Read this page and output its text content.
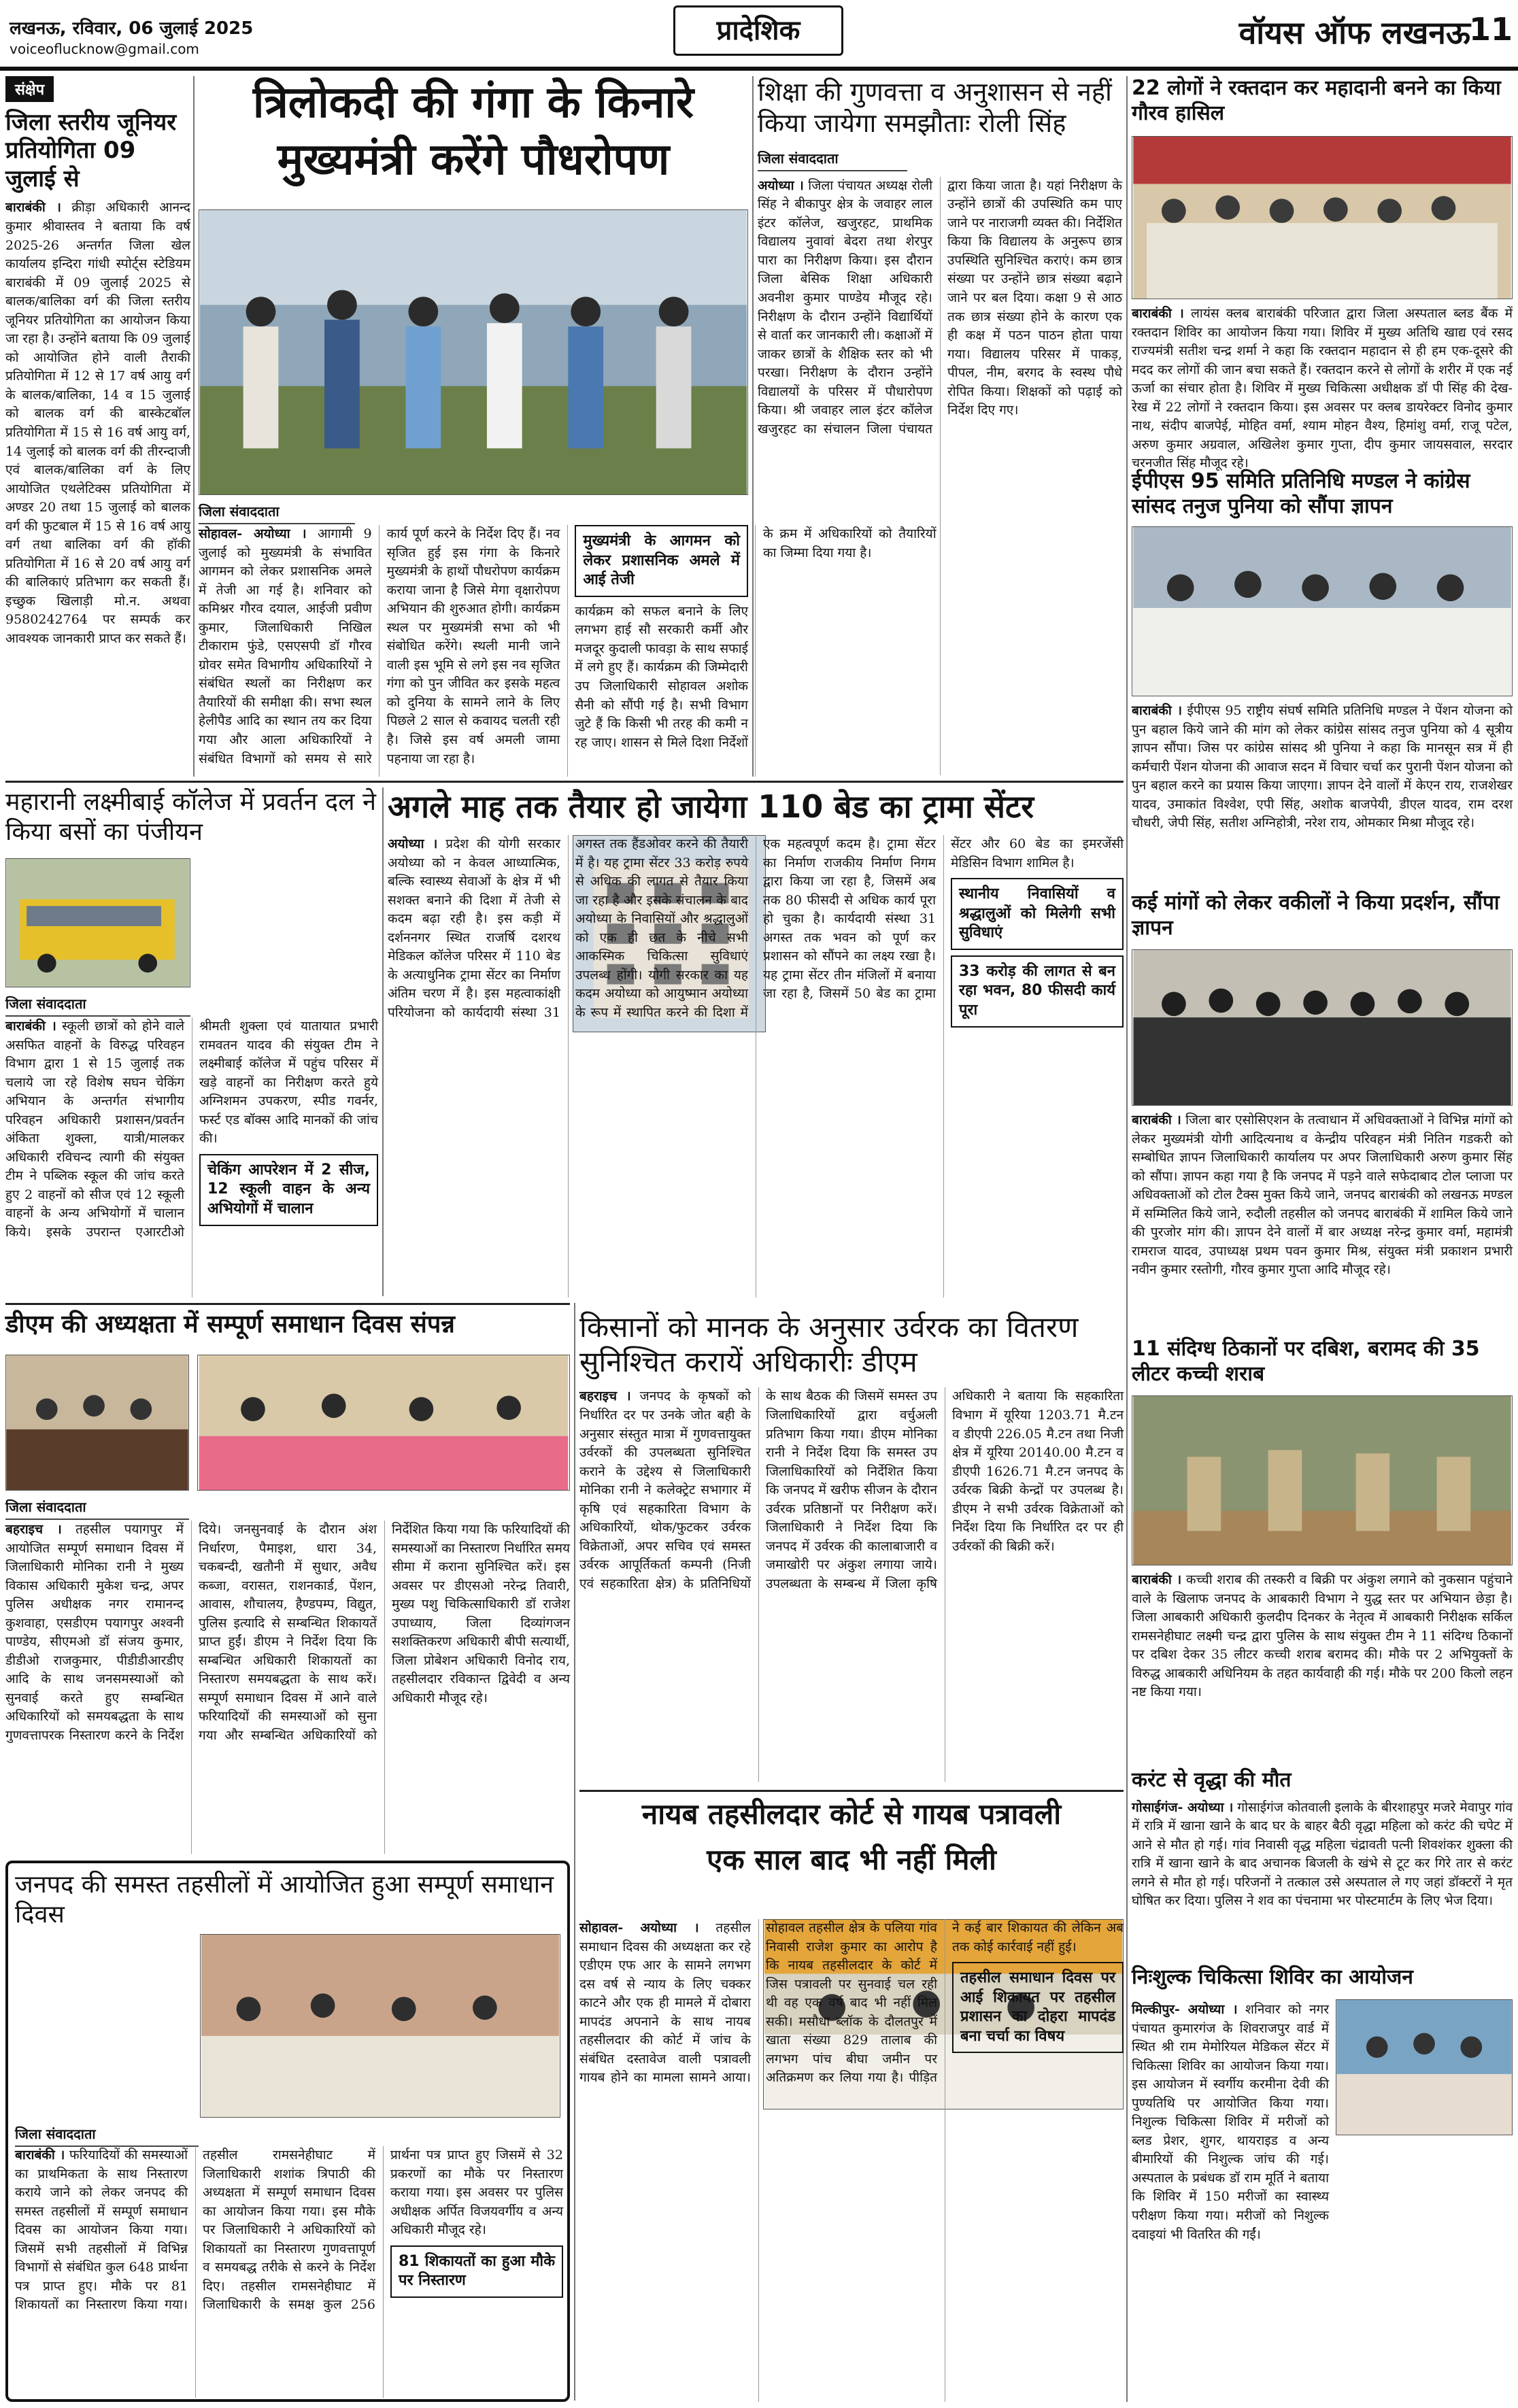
लखनऊ, रविवार, 06 जुलाई 2025
voiceoflucknow@gmail.com
प्रादेशिक	वॉयस ऑफ लखनऊ
11
संक्षेप
जिला स्तरीय जूनियर प्रतियोगिता 09 जुलाई से
बाराबंकी । क्रीड़ा अधिकारी आनन्द कुमार श्रीवास्तव ने बताया कि वर्ष 2025-26 अन्तर्गत जिला खेल कार्यालय इन्दिरा गांधी स्पोर्ट्स स्टेडियम बाराबंकी में 09 जुलाई 2025 से बालक/बालिका वर्ग की जिला स्तरीय जूनियर प्रतियोगिता का आयोजन किया जा रहा है। उन्होंने बताया कि 09 जुलाई को आयोजित होने वाली तैराकी प्रतियोगिता में 12 से 17 वर्ष आयु वर्ग के बालक/बालिका, 14 व 15 जुलाई को बालक वर्ग की बास्केटबॉल प्रतियोगिता में 15 से 16 वर्ष आयु वर्ग, 14 जुलाई को बालक वर्ग की तीरन्दाजी एवं बालक/बालिका वर्ग के लिए आयोजित एथलेटिक्स प्रतियोगिता में अण्डर 20 तथा 15 जुलाई को बालक वर्ग की फुटबाल में 15 से 16 वर्ष आयु वर्ग तथा बालिका वर्ग की हॉकी प्रतियोगिता में 16 से 20 वर्ष आयु वर्ग की बालिकाएं प्रतिभाग कर सकती हैं। इच्छुक खिलाड़ी मो.न. अथवा 9580242764 पर सम्पर्क कर आवश्यक जानकारी प्राप्त कर सकते हैं।
त्रिलोकदी की गंगा के किनारे
मुख्यमंत्री करेंगे पौधरोपण
जिला संवाददाता
सोहावल- अयोध्या । आगामी 9 जुलाई को मुख्यमंत्री के संभावित आगमन को लेकर प्रशासनिक अमले में तेजी आ गई है। शनिवार को कमिश्नर गौरव दयाल, आईजी प्रवीण कुमार, जिलाधिकारी निखिल टीकाराम फुंडे, एसएसपी डॉ गौरव ग्रोवर समेत विभागीय अधिकारियों ने संबंधित स्थलों का निरीक्षण कर तैयारियों की समीक्षा की। सभा स्थल हेलीपैड आदि का स्थान तय कर दिया गया और आला अधिकारियों ने संबंधित विभागों को समय से सारे कार्य पूर्ण करने के निर्देश दिए हैं। नव सृजित हुई इस गंगा के किनारे मुख्यमंत्री के हाथों पौधरोपण कार्यक्रम कराया जाना है जिसे मेगा वृक्षारोपण अभियान की शुरुआत होगी। कार्यक्रम स्थल पर मुख्यमंत्री सभा को भी संबोधित करेंगे। स्थली मानी जाने वाली इस भूमि से लगे इस नव सृजित गंगा को पुन जीवित कर इसके महत्व को दुनिया के सामने लाने के लिए पिछले 2 साल से कवायद चलती रही है। जिसे इस वर्ष अमली जामा पहनाया जा रहा है।
मुख्यमंत्री के आगमन को लेकर प्रशासनिक अमले में आई तेजी
कार्यक्रम को सफल बनाने के लिए लगभग हाई सौ सरकारी कर्मी और मजदूर कुदाली फावड़ा के साथ सफाई में लगे हुए हैं। कार्यक्रम की जिम्मेदारी उप जिलाधिकारी सोहावल अशोक सैनी को सौंपी गई है। सभी विभाग जुटे हैं कि किसी भी तरह की कमी न रह जाए। शासन से मिले दिशा निर्देशों के क्रम में अधिकारियों को तैयारियों का जिम्मा दिया गया है।
शिक्षा की गुणवत्ता व अनुशासन से नहीं किया जायेगा समझौताः रोली सिंह
जिला संवाददाता
अयोध्या । जिला पंचायत अध्यक्ष रोली सिंह ने बीकापुर क्षेत्र के जवाहर लाल इंटर कॉलेज, खजुरहट, प्राथमिक विद्यालय नुवावां बेदरा तथा शेरपुर पारा का निरीक्षण किया। इस दौरान जिला बेसिक शिक्षा अधिकारी अवनीश कुमार पाण्डेय मौजूद रहे। निरीक्षण के दौरान उन्होंने विद्यार्थियों से वार्ता कर जानकारी ली। कक्षाओं में जाकर छात्रों के शैक्षिक स्तर को भी परखा। निरीक्षण के दौरान उन्होंने विद्यालयों के परिसर में पौधारोपण किया। श्री जवाहर लाल इंटर कॉलेज खजुरहट का संचालन जिला पंचायत द्वारा किया जाता है। यहां निरीक्षण के उन्होंने छात्रों की उपस्थिति कम पाए जाने पर नाराजगी व्यक्त की। निर्देशित किया कि विद्यालय के अनुरूप छात्र उपस्थिति सुनिश्चित कराएं। कम छात्र संख्या पर उन्होंने छात्र संख्या बढ़ाने जाने पर बल दिया। कक्षा 9 से आठ तक छात्र संख्या होने के कारण एक ही कक्ष में पठन पाठन होता पाया गया। विद्यालय परिसर में पाकड़, पीपल, नीम, बरगद के स्वस्थ पौधे रोपित किया। शिक्षकों को पढ़ाई को निर्देश दिए गए।
22 लोगों ने रक्तदान कर महादानी बनने का किया गौरव हासिल
बाराबंकी । लायंस क्लब बाराबंकी परिजात द्वारा जिला अस्पताल ब्लड बैंक में रक्तदान शिविर का आयोजन किया गया। शिविर में मुख्य अतिथि खाद्य एवं रसद राज्यमंत्री सतीश चन्द्र शर्मा ने कहा कि रक्तदान महादान से ही हम एक-दूसरे की मदद कर लोगों की जान बचा सकते हैं। रक्तदान करने से लोगों के शरीर में एक नई ऊर्जा का संचार होता है। शिविर में मुख्य चिकित्सा अधीक्षक डॉ पी सिंह की देख-रेख में 22 लोगों ने रक्तदान किया। इस अवसर पर क्लब डायरेक्टर विनोद कुमार नाथ, संदीप बाजपेई, मोहित वर्मा, श्याम मोहन वैश्य, हिमांशु वर्मा, राजू पटेल, अरुण कुमार अग्रवाल, अखिलेश कुमार गुप्ता, दीप कुमार जायसवाल, सरदार चरनजीत सिंह मौजूद रहे।
ईपीएस 95 समिति प्रतिनिधि मण्डल ने कांग्रेस सांसद तनुज पुनिया को सौंपा ज्ञापन
बाराबंकी । ईपीएस 95 राष्ट्रीय संघर्ष समिति प्रतिनिधि मण्डल ने पेंशन योजना को पुन बहाल किये जाने की मांग को लेकर कांग्रेस सांसद तनुज पुनिया को 4 सूत्रीय ज्ञापन सौंपा। जिस पर कांग्रेस सांसद श्री पुनिया ने कहा कि मानसून सत्र में ही कर्मचारी पेंशन योजना की आवाज सदन में विचार चर्चा कर पुरानी पेंशन योजना को पुन बहाल करने का प्रयास किया जाएगा। ज्ञापन देने वालों में केएन राय, राजशेखर यादव, उमाकांत विश्वेश, एपी सिंह, अशोक बाजपेयी, डीएल यादव, राम दरश चौधरी, जेपी सिंह, सतीश अग्निहोत्री, नरेश राय, ओमकार मिश्रा मौजूद रहे।
कई मांगों को लेकर वकीलों ने किया प्रदर्शन, सौंपा ज्ञापन
बाराबंकी । जिला बार एसोसिएशन के तत्वाधान में अधिवक्ताओं ने विभिन्न मांगों को लेकर मुख्यमंत्री योगी आदित्यनाथ व केन्द्रीय परिवहन मंत्री नितिन गडकरी को सम्बोधित ज्ञापन जिलाधिकारी कार्यालय पर अपर जिलाधिकारी अरुण कुमार सिंह को सौंपा। ज्ञापन कहा गया है कि जनपद में पड़ने वाले सफेदाबाद टोल प्लाजा पर अधिवक्ताओं को टोल टैक्स मुक्त किये जाने, जनपद बाराबंकी को लखनऊ मण्डल में सम्मिलित किये जाने, रुदौली तहसील को जनपद बाराबंकी में शामिल किये जाने की पुरजोर मांग की। ज्ञापन देने वालों में बार अध्यक्ष नरेन्द्र कुमार वर्मा, महामंत्री रामराज यादव, उपाध्यक्ष प्रथम पवन कुमार मिश्र, संयुक्त मंत्री प्रकाशन प्रभारी नवीन कुमार रस्तोगी, गौरव कुमार गुप्ता आदि मौजूद रहे।
11 संदिग्ध ठिकानों पर दबिश, बरामद की 35 लीटर कच्ची शराब
बाराबंकी । कच्ची शराब की तस्करी व बिक्री पर अंकुश लगाने को नुकसान पहुंचाने वाले के खिलाफ जनपद के आबकारी विभाग ने युद्ध स्तर पर अभियान छेड़ा है। जिला आबकारी अधिकारी कुलदीप दिनकर के नेतृत्व में आबकारी निरीक्षक सर्किल रामसनेहीघाट लक्ष्मी चन्द्र द्वारा पुलिस के साथ संयुक्त टीम ने 11 संदिग्ध ठिकानों पर दबिश देकर 35 लीटर कच्ची शराब बरामद की। मौके पर 2 अभियुक्तों के विरुद्ध आबकारी अधिनियम के तहत कार्यवाही की गई। मौके पर 200 किलो लहन नष्ट किया गया।
करंट से वृद्धा की मौत
गोसाईगंज- अयोध्या । गोसाईगंज कोतवाली इलाके के बीरशाहपुर मजरे मेवापुर गांव में रात्रि में खाना खाने के बाद घर के बाहर बैठी वृद्धा महिला को करंट की चपेट में आने से मौत हो गई। गांव निवासी वृद्ध महिला चंद्रावती पत्नी शिवशंकर शुक्ला की रात्रि में खाना खाने के बाद अचानक बिजली के खंभे से टूट कर गिरे तार से करंट लगने से मौत हो गई। परिजनों ने तत्काल उसे अस्पताल ले गए जहां डॉक्टरों ने मृत घोषित कर दिया। पुलिस ने शव का पंचनामा भर पोस्टमार्टम के लिए भेज दिया।
निःशुल्क चिकित्सा शिविर का आयोजन
मिल्कीपुर- अयोध्या । शनिवार को नगर पंचायत कुमारगंज के शिवराजपुर वार्ड में स्थित श्री राम मेमोरियल मेडिकल सेंटर में चिकित्सा शिविर का आयोजन किया गया। इस आयोजन में स्वर्गीय करमीना देवी की पुण्यतिथि पर आयोजित किया गया। निशुल्क चिकित्सा शिविर में मरीजों को ब्लड प्रेशर, शुगर, थायराइड व अन्य बीमारियों की निशुल्क जांच की गई। अस्पताल के प्रबंधक डॉ राम मूर्ति ने बताया कि शिविर में 150 मरीजों का स्वास्थ्य परीक्षण किया गया। मरीजों को निशुल्क दवाइयां भी वितरित की गईं।
महारानी लक्ष्मीबाई कॉलेज में प्रवर्तन दल ने किया बसों का पंजीयन
जिला संवाददाता
बाराबंकी । स्कूली छात्रों को होने वाले असफित वाहनों के विरुद्ध परिवहन विभाग द्वारा 1 से 15 जुलाई तक चलाये जा रहे विशेष सघन चेकिंग अभियान के अन्तर्गत संभागीय परिवहन अधिकारी प्रशासन/प्रवर्तन अंकिता शुक्ला, यात्री/मालकर अधिकारी रविचन्द त्यागी की संयुक्त टीम ने पब्लिक स्कूल की जांच करते हुए 2 वाहनों को सीज एवं 12 स्कूली वाहनों के अन्य अभियोगों में चालान किये। इसके उपरान्त एआरटीओ श्रीमती शुक्ला एवं यातायात प्रभारी रामवतन यादव की संयुक्त टीम ने लक्ष्मीबाई कॉलेज में पहुंच परिसर में खड़े वाहनों का निरीक्षण करते हुये अग्निशमन उपकरण, स्पीड गवर्नर, फर्स्ट एड बॉक्स आदि मानकों की जांच की।
चेकिंग आपरेशन में 2 सीज, 12 स्कूली वाहन के अन्य अभियोगों में चालान
अगले माह तक तैयार हो जायेगा 110 बेड का ट्रामा सेंटर
अयोध्या । प्रदेश की योगी सरकार अयोध्या को न केवल आध्यात्मिक, बल्कि स्वास्थ्य सेवाओं के क्षेत्र में भी सशक्त बनाने की दिशा में तेजी से कदम बढ़ा रही है। इस कड़ी में दर्शननगर स्थित राजर्षि दशरथ मेडिकल कॉलेज परिसर में 110 बेड के अत्याधुनिक ट्रामा सेंटर का निर्माण अंतिम चरण में है। इस महत्वाकांक्षी परियोजना को कार्यदायी संस्था 31 अगस्त तक हैंडओवर करने की तैयारी में है। यह ट्रामा सेंटर 33 करोड़ रुपये से अधिक की लागत से तैयार किया जा रहा है और इसके संचालन के बाद अयोध्या के निवासियों और श्रद्धालुओं को एक ही छत के नीचे सभी आकस्मिक चिकित्सा सुविधाएं उपलब्ध होंगी। योगी सरकार का यह कदम अयोध्या को आयुष्मान अयोध्या के रूप में स्थापित करने की दिशा में एक महत्वपूर्ण कदम है। ट्रामा सेंटर का निर्माण राजकीय निर्माण निगम द्वारा किया जा रहा है, जिसमें अब तक 80 फीसदी से अधिक कार्य पूरा हो चुका है। कार्यदायी संस्था 31 अगस्त तक भवन को पूर्ण कर प्रशासन को सौंपने का लक्ष्य रखा है। यह ट्रामा सेंटर तीन मंजिलों में बनाया जा रहा है, जिसमें 50 बेड का ट्रामा सेंटर और 60 बेड का इमरजेंसी मेडिसिन विभाग शामिल है।
स्थानीय निवासियों व श्रद्धालुओं को मिलेगी सभी सुविधाएं
33 करोड़ की लागत से बन रहा भवन, 80 फीसदी कार्य पूरा
डीएम की अध्यक्षता में सम्पूर्ण समाधान दिवस संपन्न
जिला संवाददाता
बहराइच । तहसील पयागपुर में आयोजित सम्पूर्ण समाधान दिवस में जिलाधिकारी मोनिका रानी ने मुख्य विकास अधिकारी मुकेश चन्द्र, अपर पुलिस अधीक्षक नगर रामानन्द कुशवाहा, एसडीएम पयागपुर अश्वनी पाण्डेय, सीएमओ डॉ संजय कुमार, डीडीओ राजकुमार, पीडीडीआरडीए आदि के साथ जनसमस्याओं को सुनवाई करते हुए सम्बन्धित अधिकारियों को समयबद्धता के साथ गुणवत्तापरक निस्तारण करने के निर्देश दिये। जनसुनवाई के दौरान अंश निर्धारण, पैमाइश, धारा 34, चकबन्दी, खतौनी में सुधार, अवैध कब्जा, वरासत, राशनकार्ड, पेंशन, आवास, शौचालय, हैण्डपम्प, विद्युत, पुलिस इत्यादि से सम्बन्धित शिकायतें प्राप्त हुईं। डीएम ने निर्देश दिया कि सम्बन्धित अधिकारी शिकायतों का निस्तारण समयबद्धता के साथ करें। सम्पूर्ण समाधान दिवस में आने वाले फरियादियों की समस्याओं को सुना गया और सम्बन्धित अधिकारियों को निर्देशित किया गया कि फरियादियों की समस्याओं का निस्तारण निर्धारित समय सीमा में कराना सुनिश्चित करें। इस अवसर पर डीएसओ नरेन्द्र तिवारी, मुख्य पशु चिकित्साधिकारी डॉ राजेश उपाध्याय, जिला दिव्यांगजन सशक्तिकरण अधिकारी बीपी सत्यार्थी, जिला प्रोबेशन अधिकारी विनोद राय, तहसीलदार रविकान्त द्विवेदी व अन्य अधिकारी मौजूद रहे।
किसानों को मानक के अनुसार उर्वरक का वितरण सुनिश्चित करायें अधिकारीः डीएम
बहराइच । जनपद के कृषकों को निर्धारित दर पर उनके जोत बही के अनुसार संस्तुत मात्रा में गुणवत्तायुक्त उर्वरकों की उपलब्धता सुनिश्चित कराने के उद्देश्य से जिलाधिकारी मोनिका रानी ने कलेक्ट्रेट सभागार में कृषि एवं सहकारिता विभाग के अधिकारियों, थोक/फुटकर उर्वरक विक्रेताओं, अपर सचिव एवं समस्त उर्वरक आपूर्तिकर्ता कम्पनी (निजी एवं सहकारिता क्षेत्र) के प्रतिनिधियों के साथ बैठक की जिसमें समस्त उप जिलाधिकारियों द्वारा वर्चुअली प्रतिभाग किया गया। डीएम मोनिका रानी ने निर्देश दिया कि समस्त उप जिलाधिकारियों को निर्देशित किया कि जनपद में खरीफ सीजन के दौरान उर्वरक प्रतिष्ठानों पर निरीक्षण करें। जिलाधिकारी ने निर्देश दिया कि जनपद में उर्वरक की कालाबाजारी व जमाखोरी पर अंकुश लगाया जाये। उपलब्धता के सम्बन्ध में जिला कृषि अधिकारी ने बताया कि सहकारिता विभाग में यूरिया 1203.71 मै.टन व डीएपी 226.05 मै.टन तथा निजी क्षेत्र में यूरिया 20140.00 मै.टन व डीएपी 1626.71 मै.टन जनपद के उर्वरक बिक्री केन्द्रों पर उपलब्ध है। डीएम ने सभी उर्वरक विक्रेताओं को निर्देश दिया कि निर्धारित दर पर ही उर्वरकों की बिक्री करें।
नायब तहसीलदार कोर्ट से गायब पत्रावली
एक साल बाद भी नहीं मिली
सोहावल- अयोध्या । तहसील समाधान दिवस की अध्यक्षता कर रहे एडीएम एफ आर के सामने लगभग दस वर्ष से न्याय के लिए चक्कर काटने और एक ही मामले में दोबारा मापदंड अपनाने के साथ नायब तहसीलदार की कोर्ट में जांच के संबंधित दस्तावेज वाली पत्रावली गायब होने का मामला सामने आया। सोहावल तहसील क्षेत्र के पलिया गांव निवासी राजेश कुमार का आरोप है कि नायब तहसीलदार के कोर्ट में जिस पत्रावली पर सुनवाई चल रही थी वह एक वर्ष बाद भी नहीं मिल सकी। मसौधा ब्लॉक के दौलतपुर में खाता संख्या 829 तालाब की लगभग पांच बीघा जमीन पर अतिक्रमण कर लिया गया है। पीड़ित ने कई बार शिकायत की लेकिन अब तक कोई कार्रवाई नहीं हुई।
तहसील समाधान दिवस पर आई शिकायत पर तहसील प्रशासन का दोहरा मापदंड बना चर्चा का विषय
जनपद की समस्त तहसीलों में आयोजित हुआ सम्पूर्ण समाधान दिवस
जिला संवाददाता
बाराबंकी । फरियादियों की समस्याओं का प्राथमिकता के साथ निस्तारण कराये जाने को लेकर जनपद की समस्त तहसीलों में सम्पूर्ण समाधान दिवस का आयोजन किया गया। जिसमें सभी तहसीलों में विभिन्न विभागों से संबंधित कुल 648 प्रार्थना पत्र प्राप्त हुए। मौके पर 81 शिकायतों का निस्तारण किया गया। तहसील रामसनेहीघाट में जिलाधिकारी शशांक त्रिपाठी की अध्यक्षता में सम्पूर्ण समाधान दिवस का आयोजन किया गया। इस मौके पर जिलाधिकारी ने अधिकारियों को शिकायतों का निस्तारण गुणवत्तापूर्ण व समयबद्ध तरीके से करने के निर्देश दिए। तहसील रामसनेहीघाट में जिलाधिकारी के समक्ष कुल 256 प्रार्थना पत्र प्राप्त हुए जिसमें से 32 प्रकरणों का मौके पर निस्तारण कराया गया। इस अवसर पर पुलिस अधीक्षक अर्पित विजयवर्गीय व अन्य अधिकारी मौजूद रहे।
81 शिकायतों का हुआ मौके पर निस्तारण
